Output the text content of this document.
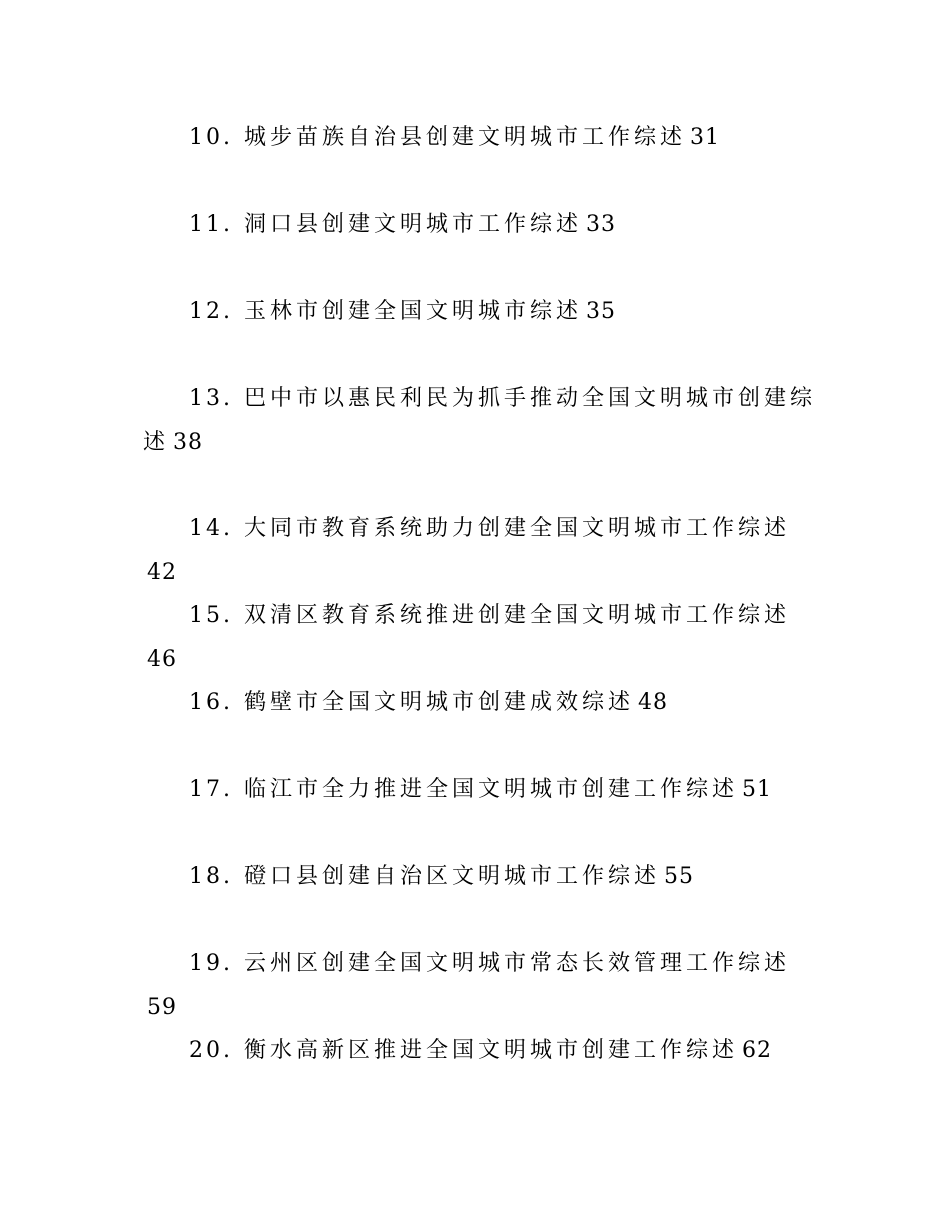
10. 城步苗族自治县创建文明城市工作综述 31
11. 洞口县创建文明城市工作综述 33
12. 玉林市创建全国文明城市综述 35
13. 巴中市以惠民利民为抓手推动全国文明城市创建综述 38
14. 大同市教育系统助力创建全国文明城市工作综述42
15. 双清区教育系统推进创建全国文明城市工作综述46
16. 鹤壁市全国文明城市创建成效综述 48
17. 临江市全力推进全国文明城市创建工作综述 51
18. 磴口县创建自治区文明城市工作综述 55
19. 云州区创建全国文明城市常态长效管理工作综述59
20. 衡水高新区推进全国文明城市创建工作综述 62
